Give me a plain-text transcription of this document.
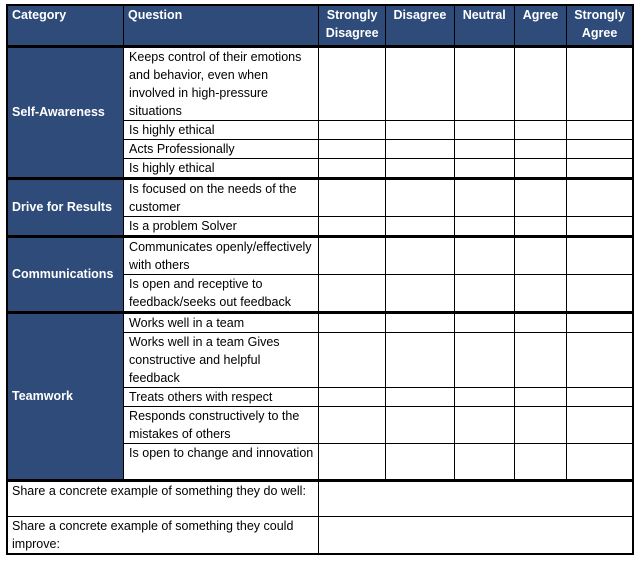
Category	Question	Strongly Disagree	Disagree	Neutral	Agree	Strongly Agree
Self-Awareness	Keeps control of their emotions and behavior, even when involved in high-pressure situations					
	Is highly ethical					
	Acts Professionally					
	Is highly ethical					
Drive for Results	Is focused on the needs of the customer					
	Is a problem Solver					
Communications	Communicates openly/effectively with others					
	Is open and receptive to feedback/seeks out feedback					
Teamwork	Works well in a team					
	Works well in a team Gives constructive and helpful feedback					
	Treats others with respect					
	Responds constructively to the mistakes of others					
	Is open to change and innovation					
Share a concrete example of something they do well:						
Share a concrete example of something they could improve:						
